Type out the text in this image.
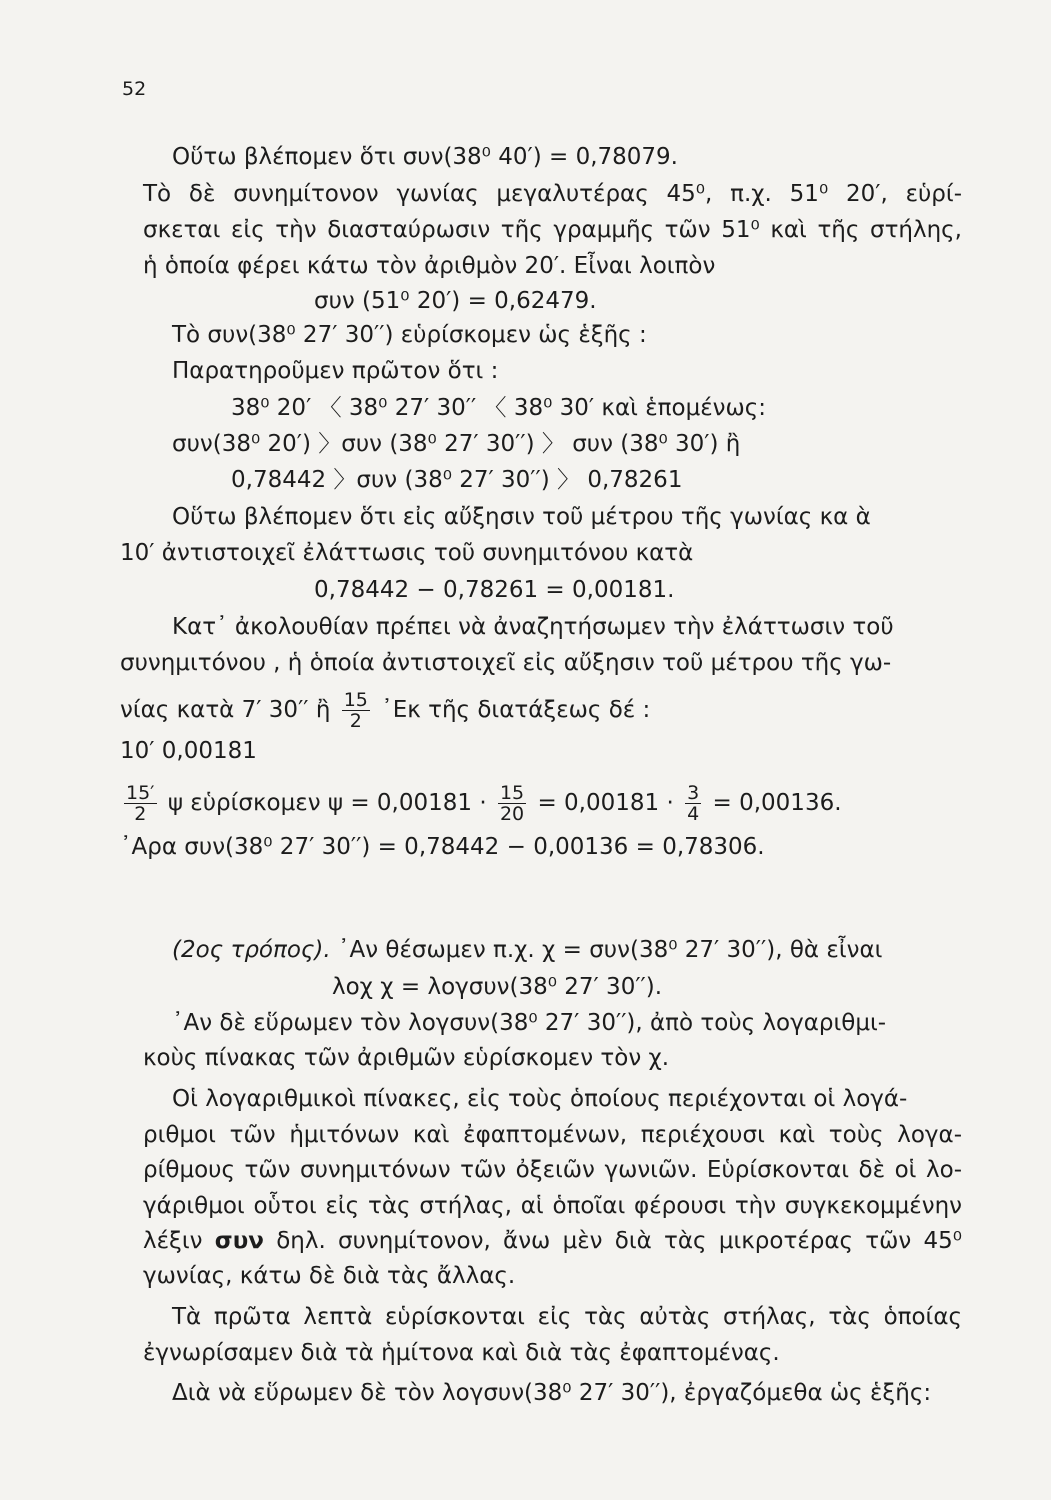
52
Οὕτω βλέπομεν ὅτι συν(38⁰ 40′) = 0,78079.
Τὸ δὲ συνημίτονον γωνίας μεγαλυτέρας 45⁰, π.χ. 51⁰ 20′, εὑρί-
σκεται εἰς τὴν διασταύρωσιν τῆς γραμμῆς τῶν 51⁰ καὶ τῆς στήλης,
ἡ ὁποία φέρει κάτω τὸν ἀριθμὸν 20′. Εἶναι λοιπὸν
συν (51⁰ 20′) = 0,62479.
Τὸ συν(38⁰ 27′ 30′′) εὑρίσκομεν ὡς ἑξῆς :
Παρατηροῦμεν πρῶτον ὅτι :
38⁰ 20′ 〈 38⁰ 27′ 30′′ 〈 38⁰ 30′ καὶ ἑπομένως:
συν(38⁰ 20′) 〉συν (38⁰ 27′ 30′′) 〉 συν (38⁰ 30′) ἢ
0,78442 〉συν (38⁰ 27′ 30′′) 〉 0,78261
Οὕτω βλέπομεν ὅτι εἰς αὔξησιν τοῦ μέτρου τῆς γωνίας κα ὰ
10′ ἀντιστοιχεῖ ἐλάττωσις τοῦ συνημιτόνου κατὰ
0,78442 − 0,78261 = 0,00181.
Κατ᾽ ἀκολουθίαν πρέπει νὰ ἀναζητήσωμεν τὴν ἐλάττωσιν τοῦ
συνημιτόνου , ἡ ὁποία ἀντιστοιχεῖ εἰς αὔξησιν τοῦ μέτρου τῆς γω-
νίας κατὰ 7′ 30′′ ἢ $\frac{15}{2}$ ᾽Εκ τῆς διατάξεως δέ :
10′ 0,00181
$\frac{15'}{2}$ ψ εὑρίσκομεν $\psi = 0,00181 \cdot \frac{15}{20} = 0,00181 \cdot \frac{3}{4} = 0,00136$.
᾽Αρα συν(38⁰ 27′ 30′′) = 0,78442 − 0,00136 = 0,78306.
(2ος τρόπος). ᾽Αν θέσωμεν π.χ. χ = συν(38⁰ 27′ 30′′), θὰ εἶναι
λοχ χ = λογσυν(38⁰ 27′ 30′′).
᾽Αν δὲ εὕρωμεν τὸν λογσυν(38⁰ 27′ 30′′), ἀπὸ τοὺς λογαριθμι-
κοὺς πίνακας τῶν ἀριθμῶν εὑρίσκομεν τὸν χ.
Οἱ λογαριθμικοὶ πίνακες, εἰς τοὺς ὁποίους περιέχονται οἱ λογά-
ριθμοι τῶν ἡμιτόνων καὶ ἐφαπτομένων, περιέχουσι καὶ τοὺς λογα-
ρίθμους τῶν συνημιτόνων τῶν ὀξειῶν γωνιῶν. Εὑρίσκονται δὲ οἱ λο-
γάριθμοι οὗτοι εἰς τὰς στήλας, αἱ ὁποῖαι φέρουσι τὴν συγκεκομμένην
λέξιν συν δηλ. συνημίτονον, ἄνω μὲν διὰ τὰς μικροτέρας τῶν 45⁰
γωνίας, κάτω δὲ διὰ τὰς ἄλλας.
Τὰ πρῶτα λεπτὰ εὑρίσκονται εἰς τὰς αὐτὰς στήλας, τὰς ὁποίας
ἐγνωρίσαμεν διὰ τὰ ἡμίτονα καὶ διὰ τὰς ἐφαπτομένας.
Διὰ νὰ εὕρωμεν δὲ τὸν λογσυν(38⁰ 27′ 30′′), ἐργαζόμεθα ὡς ἑξῆς:
